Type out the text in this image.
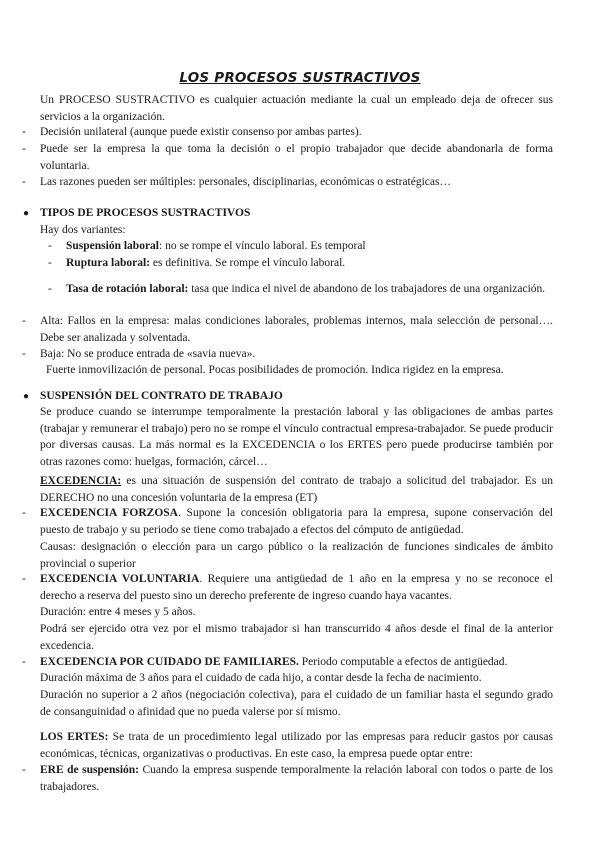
LOS PROCESOS SUSTRACTIVOS

Un PROCESO SUSTRACTIVO es cualquier actuación mediante la cual un empleado deja de ofrecer sus servicios a la organización.

- Decisión unilateral (aunque puede existir consenso por ambas partes).
- Puede ser la empresa la que toma la decisión o el propio trabajador que decide abandonarla de forma voluntaria.
- Las razones pueden ser múltiples: personales, disciplinarias, económicas o estratégicas…
● TIPOS DE PROCESOS SUSTRACTIVOS
Hay dos variantes:
- Suspensión laboral: no se rompe el vínculo laboral. Es temporal
- Ruptura laboral: es definitiva. Se rompe el vínculo laboral.
- Tasa de rotación laboral: tasa que indica el nivel de abandono de los trabajadores de una organización.
- Alta: Fallos en la empresa: malas condiciones laborales, problemas internos, mala selección de personal…. Debe ser analizada y solventada.
- Baja: No se produce entrada de «savia nueva».
Fuerte inmovilización de personal. Pocas posibilidades de promoción. Indica rigidez en la empresa.
● SUSPENSIÓN DEL CONTRATO DE TRABAJO
Se produce cuando se interrumpe temporalmente la prestación laboral y las obligaciones de ambas partes (trabajar y remunerar el trabajo) pero no se rompe el vínculo contractual empresa-trabajador. Se puede producir por diversas causas. La más normal es la EXCEDENCIA o los ERTES pero puede producirse también por otras razones como: huelgas, formación, cárcel…
EXCEDENCIA: es una situación de suspensión del contrato de trabajo a solicitud del trabajador. Es un DERECHO no una concesión voluntaria de la empresa (ET)
- EXCEDENCIA FORZOSA. Supone la concesión obligatoria para la empresa, supone conservación del puesto de trabajo y su periodo se tiene como trabajado a efectos del cómputo de antigüedad.
Causas: designación o elección para un cargo público o la realización de funciones sindicales de ámbito provincial o superior
- EXCEDENCIA VOLUNTARIA. Requiere una antigüedad de 1 año en la empresa y no se reconoce el derecho a reserva del puesto sino un derecho preferente de ingreso cuando haya vacantes.
Duración: entre 4 meses y 5 años.
Podrá ser ejercido otra vez por el mismo trabajador si han transcurrido 4 años desde el final de la anterior excedencia.
- EXCEDENCIA POR CUIDADO DE FAMILIARES. Periodo computable a efectos de antigüedad.
Duración máxima de 3 años para el cuidado de cada hijo, a contar desde la fecha de nacimiento.
Duración no superior a 2 años (negociación colectiva), para el cuidado de un familiar hasta el segundo grado de consanguinidad o afinidad que no pueda valerse por sí mismo.
LOS ERTES: Se trata de un procedimiento legal utilizado por las empresas para reducir gastos por causas económicas, técnicas, organizativas o productivas. En este caso, la empresa puede optar entre:
- ERE de suspensión: Cuando la empresa suspende temporalmente la relación laboral con todos o parte de los trabajadores.
